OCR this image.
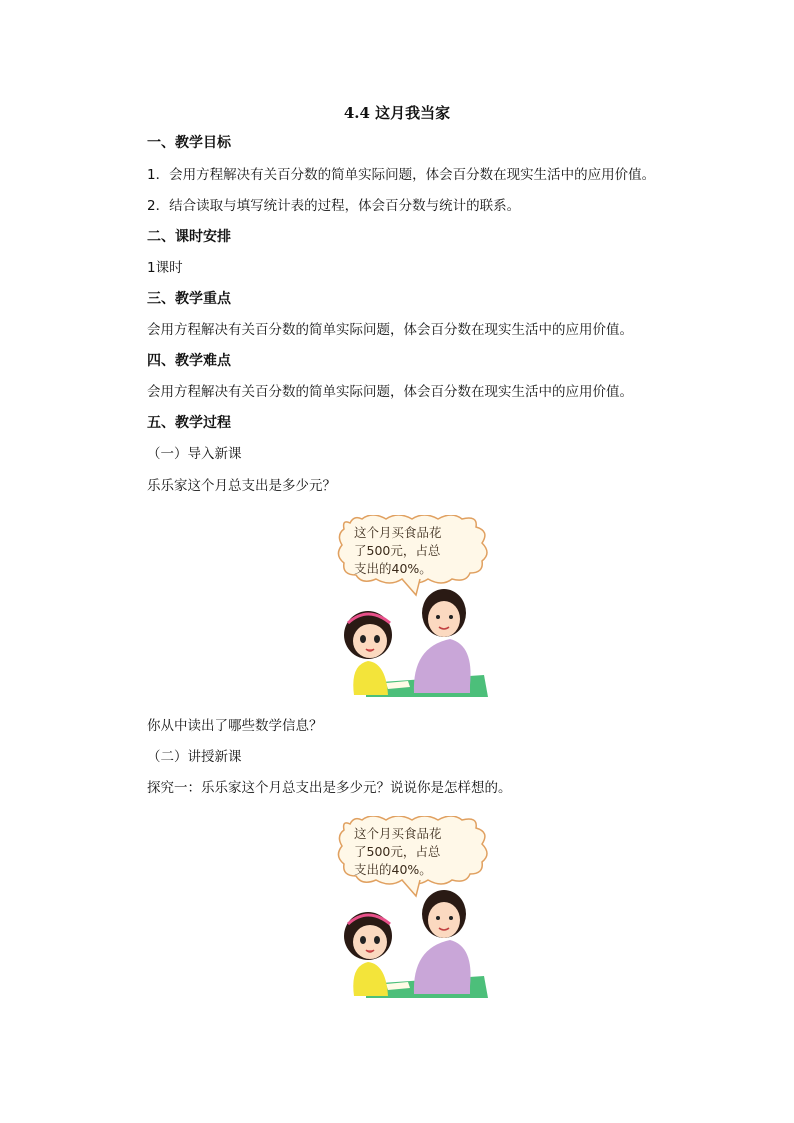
4.4 这月我当家
一、教学目标
1．会用方程解决有关百分数的简单实际问题，体会百分数在现实生活中的应用价值。
2．结合读取与填写统计表的过程，体会百分数与统计的联系。
二、课时安排
1课时
三、教学重点
会用方程解决有关百分数的简单实际问题，体会百分数在现实生活中的应用价值。
四、教学难点
会用方程解决有关百分数的简单实际问题，体会百分数在现实生活中的应用价值。
五、教学过程
（一）导入新课
乐乐家这个月总支出是多少元？
这个月买食品花
了500元，占总
支出的40%。
你从中读出了哪些数学信息？
（二）讲授新课
探究一：乐乐家这个月总支出是多少元？说说你是怎样想的。
这个月买食品花
了500元，占总
支出的40%。
